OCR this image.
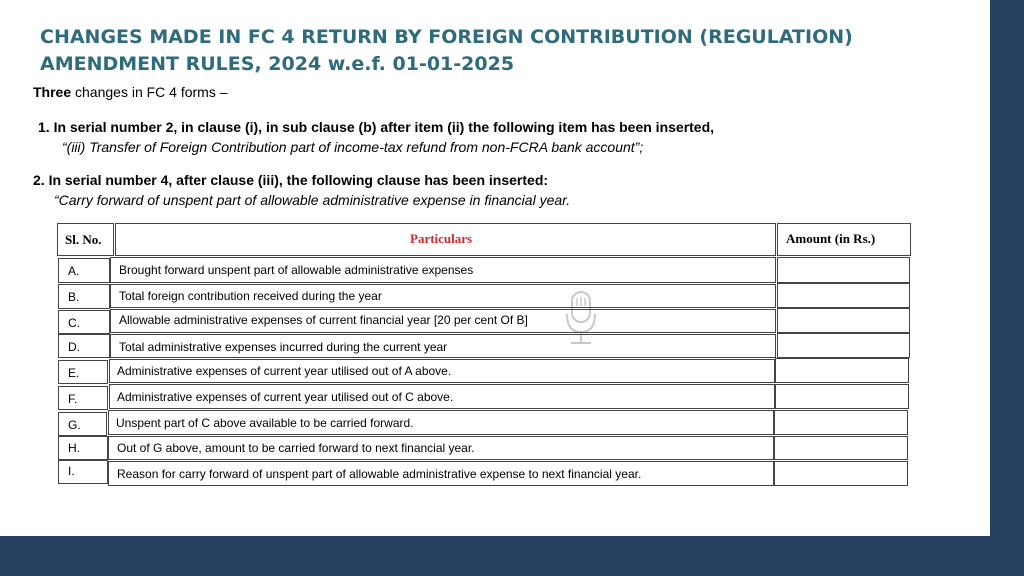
CHANGES MADE IN FC 4 RETURN BY FOREIGN CONTRIBUTION (REGULATION)
AMENDMENT RULES, 2024 w.e.f. 01-01-2025
Three changes in FC 4 forms –
1. In serial number 2, in clause (i), in sub clause (b) after item (ii) the following item has been inserted,
“(iii) Transfer of Foreign Contribution part of income-tax refund from non-FCRA bank account”;
2. In serial number 4, after clause (iii), the following clause has been inserted:
“Carry forward of unspent part of allowable administrative expense in financial year.
Sl. No.	Particulars	Amount (in Rs.)
A.	Brought forward unspent part of allowable administrative expenses
B.	Total foreign contribution received during the year
C.	Allowable administrative expenses of current financial year [20 per cent Of B]
D.	Total administrative expenses incurred during the current year
E.	Administrative expenses of current year utilised out of A above.
F.	Administrative expenses of current year utilised out of C above.
G.	Unspent part of C above available to be carried forward.
H.	Out of G above, amount to be carried forward to next financial year.
I.	Reason for carry forward of unspent part of allowable administrative expense to next financial year.
